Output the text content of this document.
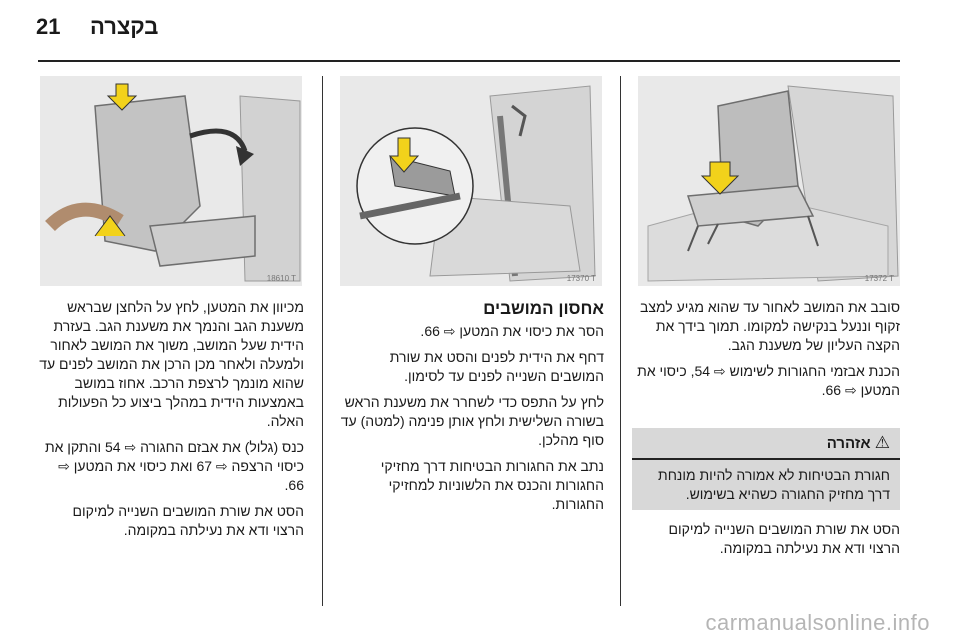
21 בקצרה
17372 T
17370 T
18610 T

סובב את המושב לאחור עד שהוא מגיע למצב זקוף וננעל בנקישה למקומו. תמוך בידך את הקצה העליון של משענת הגב.

הכנת אבזמי החגורות לשימוש ⇨ 54, כיסוי את המטען ⇨ 66.

⚠ אזהרה
חגורת הבטיחות לא אמורה להיות מונחת דרך מחזיק החגורה כשהיא בשימוש.

הסט את שורת המושבים השנייה למיקום הרצוי ודא את נעילתה במקומה.

אחסון המושבים

הסר את כיסוי את המטען ⇨ 66.

דחף את הידית לפנים והסט את שורת המושבים השנייה לפנים עד לסימון.

לחץ על התפס כדי לשחרר את משענת הראש בשורה השלישית ולחץ אותן פנימה (למטה) עד סוף מהלכן.

נתב את החגורות הבטיחות דרך מחזיקי החגורות והכנס את הלשוניות למחזיקי החגורות.

מכיוון את המטען, לחץ על הלחצן שבראש משענת הגב והנמך את משענת הגב. בעזרת הידית שעל המושב, משוך את המושב לאחור ולמעלה ולאחר מכן הרכן את המושב לפנים עד שהוא מונמך לרצפת הרכב. אחוז במושב באמצעות הידית במהלך ביצוע כל הפעולות האלה.

כנס (גלול) את אבזם החגורה ⇨ 54 והתקן את כיסוי הרצפה ⇨ 67 ואת כיסוי את המטען ⇨ 66.

הסט את שורת המושבים השנייה למיקום הרצוי ודא את נעילתה במקומה.

carmanualsonline.info
